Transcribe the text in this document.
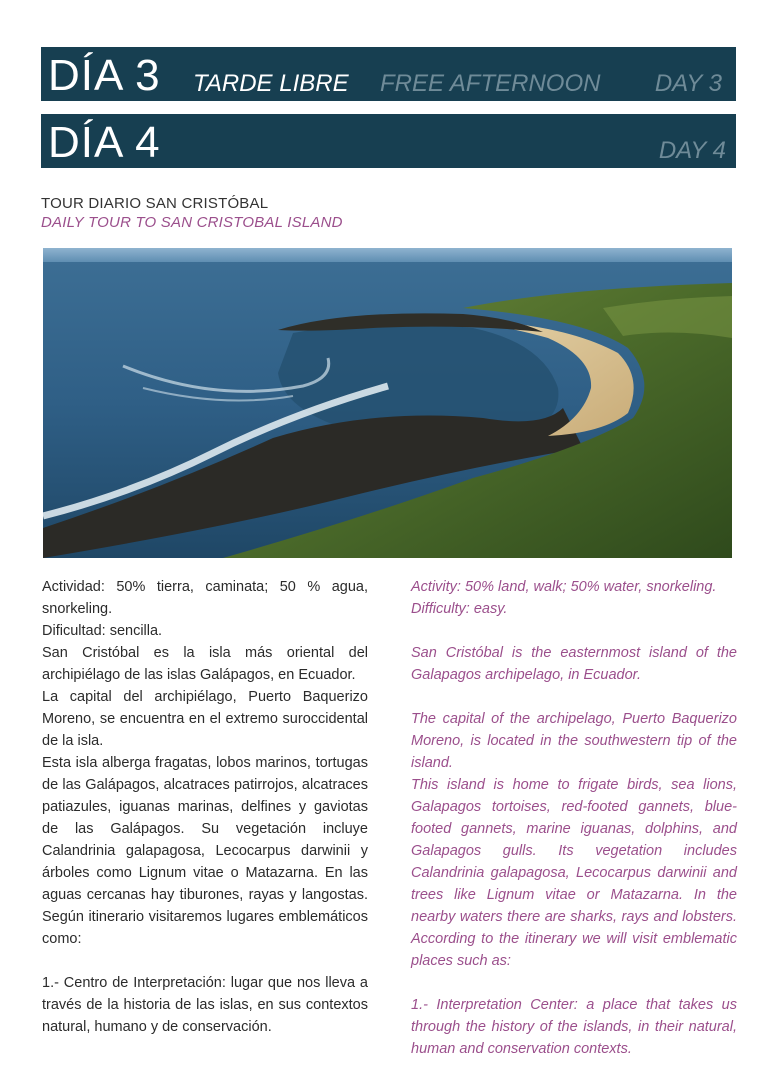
DÍA 3 TARDE LIBRE FREE AFTERNOON DAY 3
DÍA 4	DAY 4
TOUR DIARIO SAN CRISTÓBAL
DAILY TOUR TO SAN CRISTOBAL ISLAND

Actividad: 50% tierra, caminata; 50 % agua, snorkeling.

Dificultad: sencilla.

San Cristóbal es la isla más oriental del archipiélago de las islas Galápagos, en Ecuador.

La capital del archipiélago, Puerto Baquerizo Moreno, se encuentra en el extremo suroccidental de la isla.

Esta isla alberga fragatas, lobos marinos, tortugas de las Galápagos, alcatraces patirrojos, alcatraces patiazules, iguanas marinas, delfines y gaviotas de las Galápagos. Su vegetación incluye Calandrinia galapagosa, Lecocarpus darwinii y árboles como Lignum vitae o Matazarna. En las aguas cercanas hay tiburones, rayas y langostas. Según itinerario visitaremos lugares emblemáticos como:

1.- Centro de Interpretación: lugar que nos lleva a través de la historia de las islas, en sus contextos natural, humano y de conservación.

Activity: 50% land, walk; 50% water, snorkeling.

Difficulty: easy.

San Cristóbal is the easternmost island of the Galapagos archipelago, in Ecuador.

The capital of the archipelago, Puerto Baquerizo Moreno, is located in the southwestern tip of the island.

This island is home to frigate birds, sea lions, Galapagos tortoises, red-footed gannets, blue-footed gannets, marine iguanas, dolphins, and Galapagos gulls. Its vegetation includes Calandrinia galapagosa, Lecocarpus darwinii and trees like Lignum vitae or Matazarna. In the nearby waters there are sharks, rays and lobsters. According to the itinerary we will visit emblematic places such as:

1.- Interpretation Center: a place that takes us through the history of the islands, in their natural, human and conservation contexts.
